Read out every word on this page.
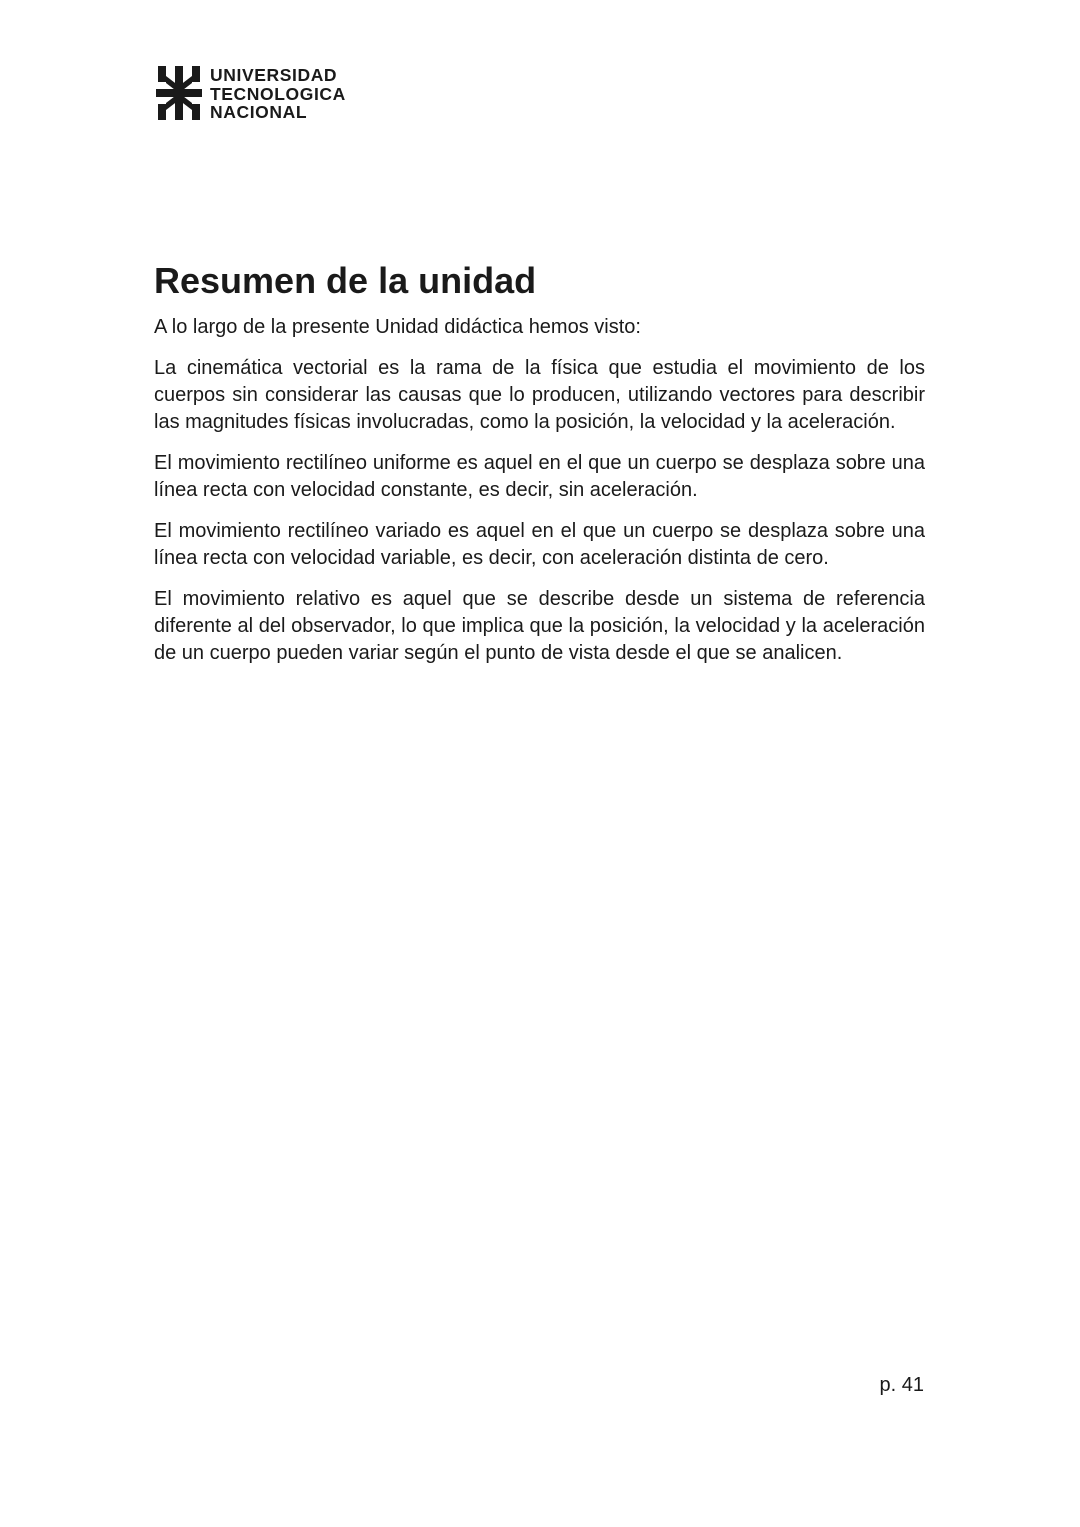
UNIVERSIDAD
TECNOLOGICA
NACIONAL
Resumen de la unidad

A lo largo de la presente Unidad didáctica hemos visto:

La cinemática vectorial es la rama de la física que estudia el movimiento de los cuerpos sin considerar las causas que lo producen, utilizando vectores para describir las magnitudes físicas involucradas, como la posición, la velocidad y la aceleración.

El movimiento rectilíneo uniforme es aquel en el que un cuerpo se desplaza sobre una línea recta con velocidad constante, es decir, sin aceleración.

El movimiento rectilíneo variado es aquel en el que un cuerpo se desplaza sobre una línea recta con velocidad variable, es decir, con aceleración distinta de cero.

El movimiento relativo es aquel que se describe desde un sistema de referencia diferente al del observador, lo que implica que la posición, la velocidad y la aceleración de un cuerpo pueden variar según el punto de vista desde el que se analicen.

p. 41
